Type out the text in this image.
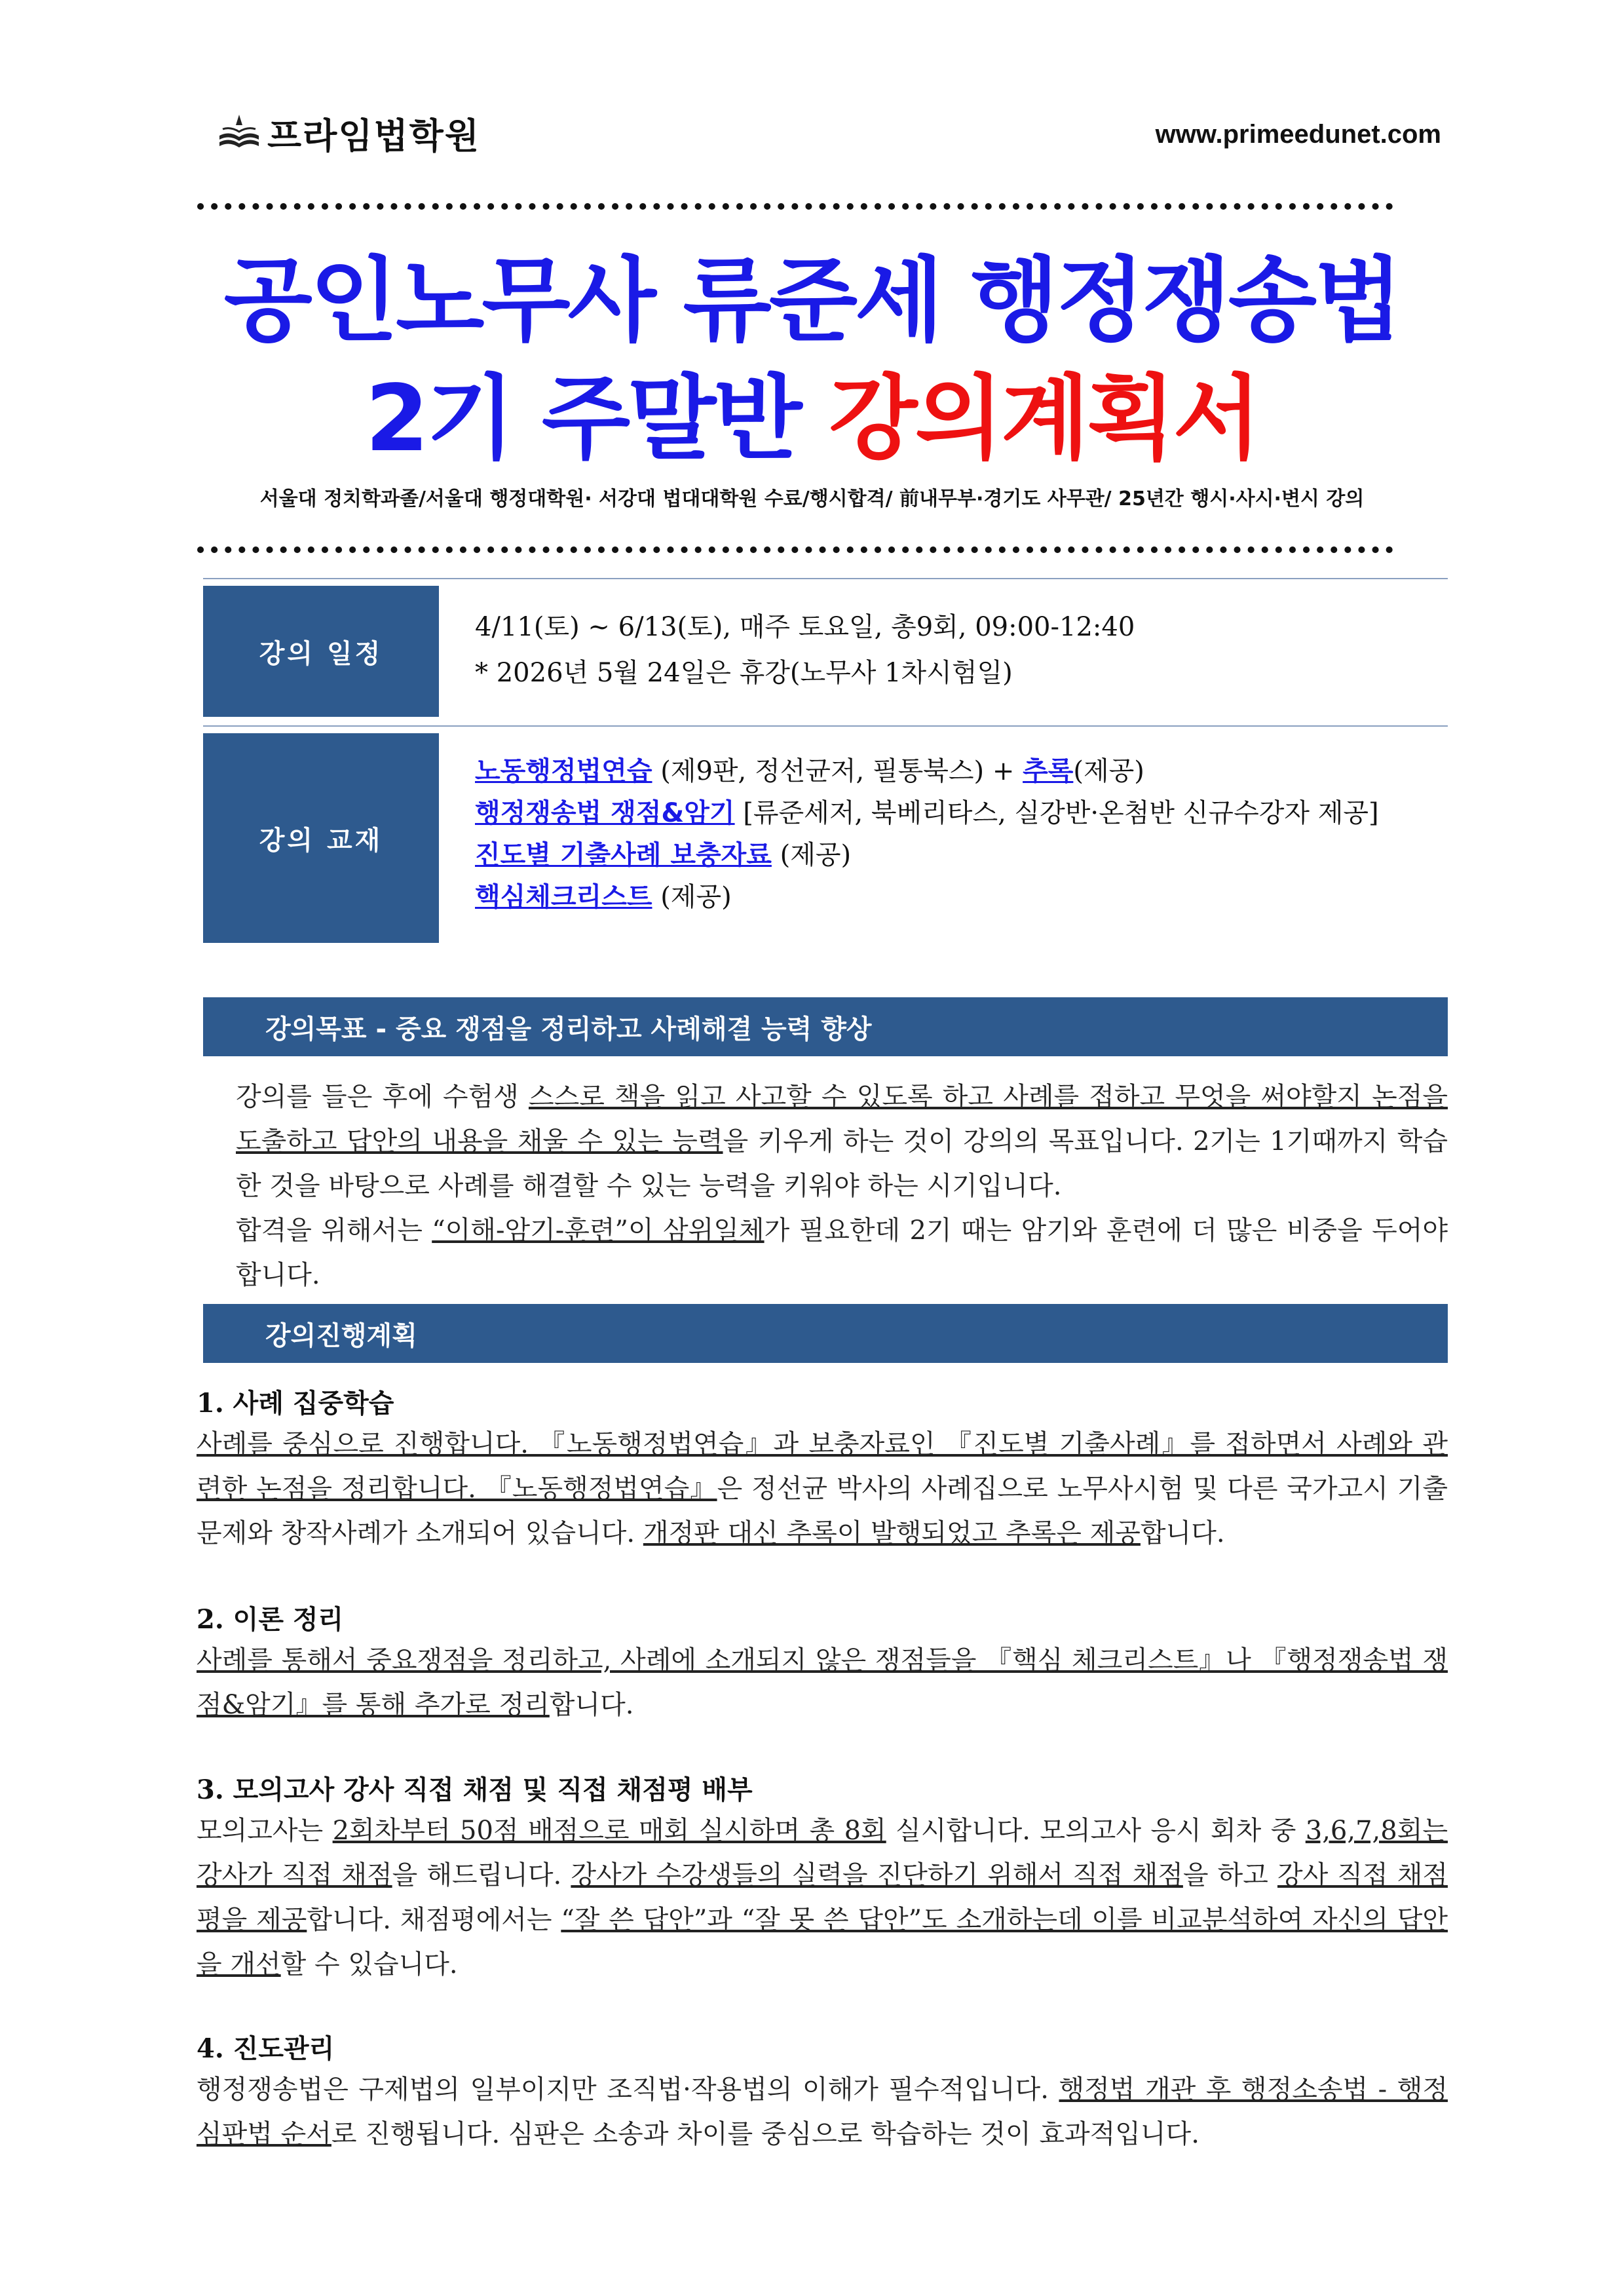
프라임법학원	www.primeedunet.com
공인노무사 류준세 행정쟁송법
2기 주말반 강의계획서
서울대 정치학과졸/서울대 행정대학원· 서강대 법대대학원 수료/행시합격/ 前내무부·경기도 사무관/ 25년간 행시·사시·변시 강의
강의 일정
4/11(토) ~ 6/13(토), 매주 토요일, 총9회, 09:00-12:40
* 2026년 5월 24일은 휴강(노무사 1차시험일)
강의 교재
노동행정법연습 (제9판, 정선균저, 필통북스) + 추록(제공)
행정쟁송법 쟁점&암기 [류준세저, 북베리타스, 실강반·온첨반 신규수강자 제공]
진도별 기출사례 보충자료 (제공)
핵심체크리스트 (제공)
강의목표 - 중요 쟁점을 정리하고 사례해결 능력 향상

강의를 들은 후에 수험생 스스로 책을 읽고 사고할 수 있도록 하고 사례를 접하고 무엇을 써야할지 논점을 도출하고 답안의 내용을 채울 수 있는 능력을 키우게 하는 것이 강의의 목표입니다. 2기는 1기때까지 학습한 것을 바탕으로 사례를 해결할 수 있는 능력을 키워야 하는 시기입니다.

합격을 위해서는 “이해-암기-훈련”이 삼위일체가 필요한데 2기 때는 암기와 훈련에 더 많은 비중을 두어야 합니다.

강의진행계획
1. 사례 집중학습

사례를 중심으로 진행합니다. 『노동행정법연습』과 보충자료인 『진도별 기출사례』를 접하면서 사례와 관련한 논점을 정리합니다. 『노동행정법연습』은 정선균 박사의 사례집으로 노무사시험 및 다른 국가고시 기출문제와 창작사례가 소개되어 있습니다. 개정판 대신 추록이 발행되었고 추록은 제공합니다.

2. 이론 정리

사례를 통해서 중요쟁점을 정리하고, 사례에 소개되지 않은 쟁점들을 『핵심 체크리스트』나 『행정쟁송법 쟁점&암기』를 통해 추가로 정리합니다.

3. 모의고사 강사 직접 채점 및 직접 채점평 배부

모의고사는 2회차부터 50점 배점으로 매회 실시하며 총 8회 실시합니다. 모의고사 응시 회차 중 3,6,7,8회는 강사가 직접 채점을 해드립니다. 강사가 수강생들의 실력을 진단하기 위해서 직접 채점을 하고 강사 직접 채점평을 제공합니다. 채점평에서는 “잘 쓴 답안”과 “잘 못 쓴 답안”도 소개하는데 이를 비교분석하여 자신의 답안을 개선할 수 있습니다.

4. 진도관리

행정쟁송법은 구제법의 일부이지만 조직법·작용법의 이해가 필수적입니다. 행정법 개관 후 행정소송법 - 행정심판법 순서로 진행됩니다. 심판은 소송과 차이를 중심으로 학습하는 것이 효과적입니다.
